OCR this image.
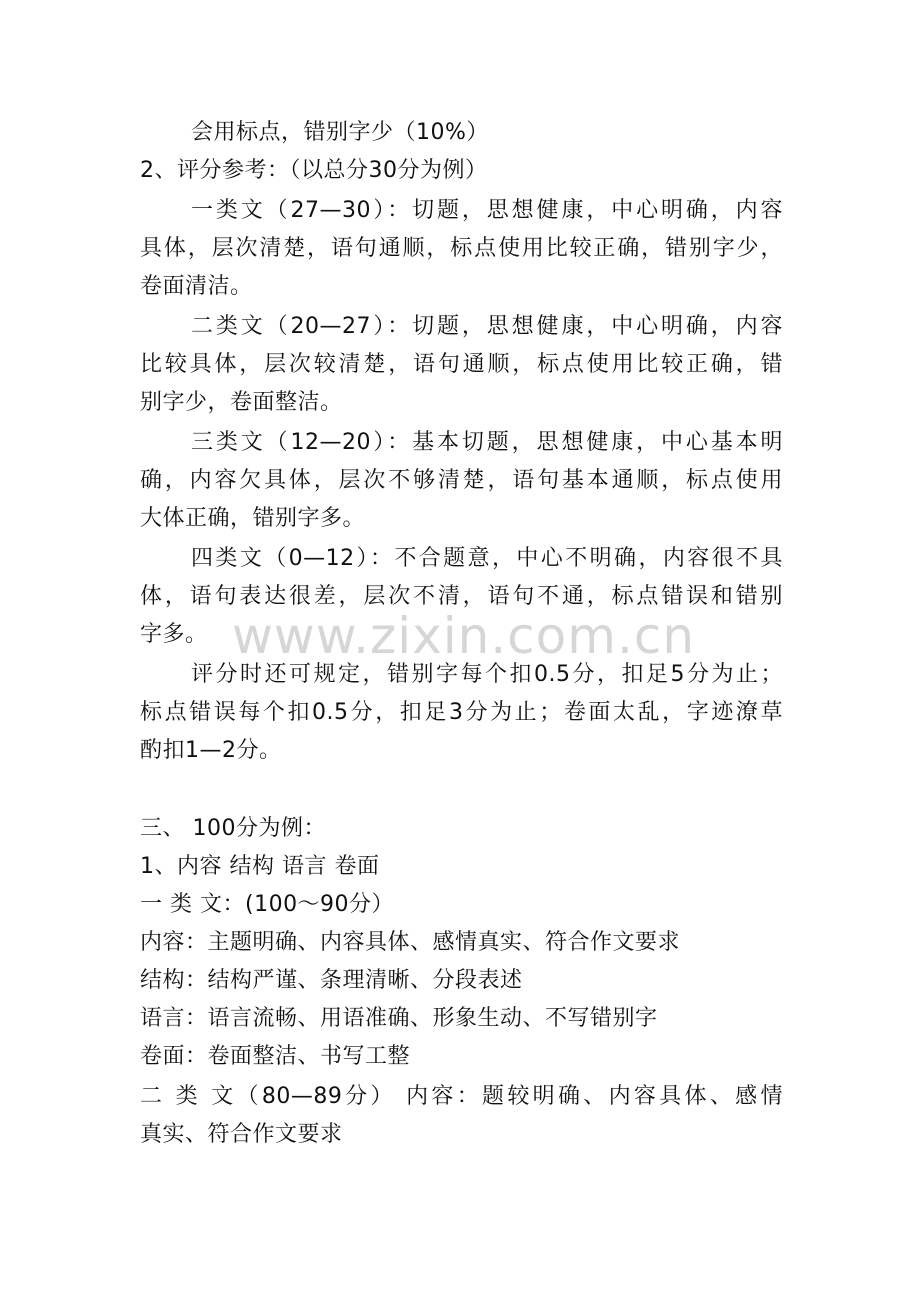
会用标点，错别字少（10%）
2、评分参考：（以总分30分为例）
一类文（27—30）：切题，思想健康，中心明确，内容
具体，层次清楚，语句通顺，标点使用比较正确，错别字少，
卷面清洁。
二类文（20—27）：切题，思想健康，中心明确，内容
比较具体，层次较清楚，语句通顺，标点使用比较正确，错
别字少，卷面整洁。
三类文（12—20）：基本切题，思想健康，中心基本明
确，内容欠具体，层次不够清楚，语句基本通顺，标点使用
大体正确，错别字多。
四类文（0—12）：不合题意，中心不明确，内容很不具
体，语句表达很差，层次不清，语句不通，标点错误和错别
字多。
评分时还可规定，错别字每个扣0.5分，扣足5分为止；
标点错误每个扣0.5分，扣足3分为止；卷面太乱，字迹潦草
酌扣1—2分。
三、 100分为例：
1、内容 结构 语言 卷面
一 类 文：(100～90分）
内容：主题明确、内容具体、感情真实、符合作文要求
结构：结构严谨、条理清晰、分段表述
语言：语言流畅、用语准确、形象生动、不写错别字
卷面：卷面整洁、书写工整
二 类 文（80—89分） 内容：题较明确、内容具体、感情
真实、符合作文要求
www.zixin.com.cn
